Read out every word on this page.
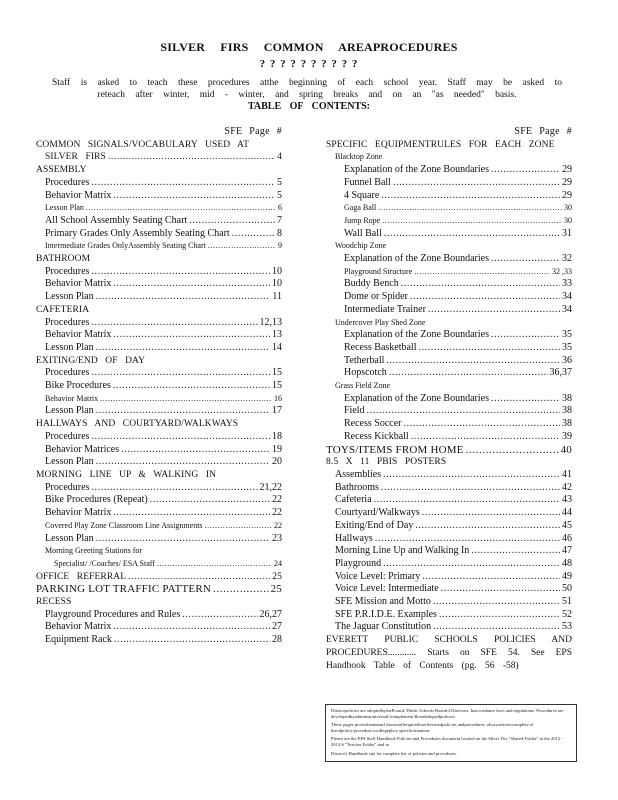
SILVER FIRS COMMON AREAPROCEDURES
? ? ? ? ? ? ? ? ? ?
Staff is asked to teach these procedures atthe beginning of each school year. Staff may be asked to reteach after winter, mid - winter, and spring breaks and on an "as needed" basis.
TABLE OF CONTENTS:
SFE Page #
COMMON SIGNALS/VOCABULARY USED AT
SILVER FIRS .....	4
ASSEMBLY
Procedures .....	5
Behavior Matrix .....	5
Lesson Plan .....	6
All School Assembly Seating Chart .....	7
Primary Grades Only Assembly Seating Chart .....	8
Intermediate Grades OnlyAssembly Seating Chart .....	9
BATHROOM
Procedures .....	10
Behavior Matrix .....	10
Lesson Plan .....	11
CAFETERIA
Procedures .....	12,13
Behavior Matrix .....	13
Lesson Plan .....	14
EXITING/END OF DAY
Procedures .....	15
Bike Procedures .....	15
Behavior Matrix .....	16
Lesson Plan .....	17
HALLWAYS AND COURTYARD/WALKWAYS
Procedures .....	18
Behavior Matrices .....	19
Lesson Plan .....	20
MORNING LINE UP & WALKING IN
Procedures .....	21,22
Bike Procedures (Repeat) .....	22
Behavior Matrix .....	22
Covered Play Zone Classroom Line Assignments .....	22
Lesson Plan .....	23
Morning Greeting Stations for
Specialist/ /Coaches/ ESA Staff .....	24
OFFICE REFERRAL .....	25
PARKING LOT TRAFFIC PATTERN .....	25
RECESS
Playground Procedures and Rules .....	26,27
Behavior Matrix .....	27
Equipment Rack .....	28
SFE Page #
SPECIFIC EQUIPMENTRULES FOR EACH ZONE
Blacktop Zone
Explanation of the Zone Boundaries .....	29
Funnel Ball .....	29
4 Square .....	29
Gaga Ball .....	30
Jump Rope .....	30
Wall Ball .....	31
Woodchip Zone
Explanation of the Zone Boundaries .....	32
Playground Structure .....	32 ,33
Buddy Bench .....	33
Dome or Spider .....	34
Intermediate Trainer .....	34
Undercover Play Shed Zone
Explanation of the Zone Boundaries .....	35
Recess Basketball .....	35
Tetherball .....	36
Hopscotch .....	36,37
Grass Field Zone
Explanation of the Zone Boundaries .....	38
Field .....	38
Recess Soccer .....	38
Recess Kickball .....	39
TOYS/ITEMS FROM HOME .....	40
8.5 X 11 PBIS POSTERS
Assemblies .....	41
Bathrooms .....	42
Cafeteria .....	43
Courtyard/Walkways .....	44
Exiting/End of Day .....	45
Hallways .....	46
Morning Line Up and Walking In .....	47
Playground .....	48
Voice Level: Primary .....	49
Voice Level: Intermediate .....	50
SFE Mission and Motto .....	51
SFE P.R.I.D.E. Examples .....	52
The Jaguar Constitution .....	53
EVERETT PUBLIC SCHOOLS POLICIES AND PROCEDURES............ Starts on SFE 54. See EPS Handbook Table of Contents (pg. 56 -58)

Districtpolicies are adoptedbytheB oard. Public Schools Boardof Directors. Inaccordance laws and regulations. Procedures are developedbyadministrativestaff toimplement Boardadoptedpolicies.

These pages providesummarf thosestaffrequiredtoreferencedpolicies andprocedures, alwaysrefertocomplete of thecdpolicy/procedure tocdlegeplicy specificsituation.

Please see the EPS Staff Handbook Policies and Procedures document located on the Silver Firs "Shared Folder" in the 2012 - 2013 S "Teacher Folder" and in

District's Handbook site for complete list of policies and procedures.
